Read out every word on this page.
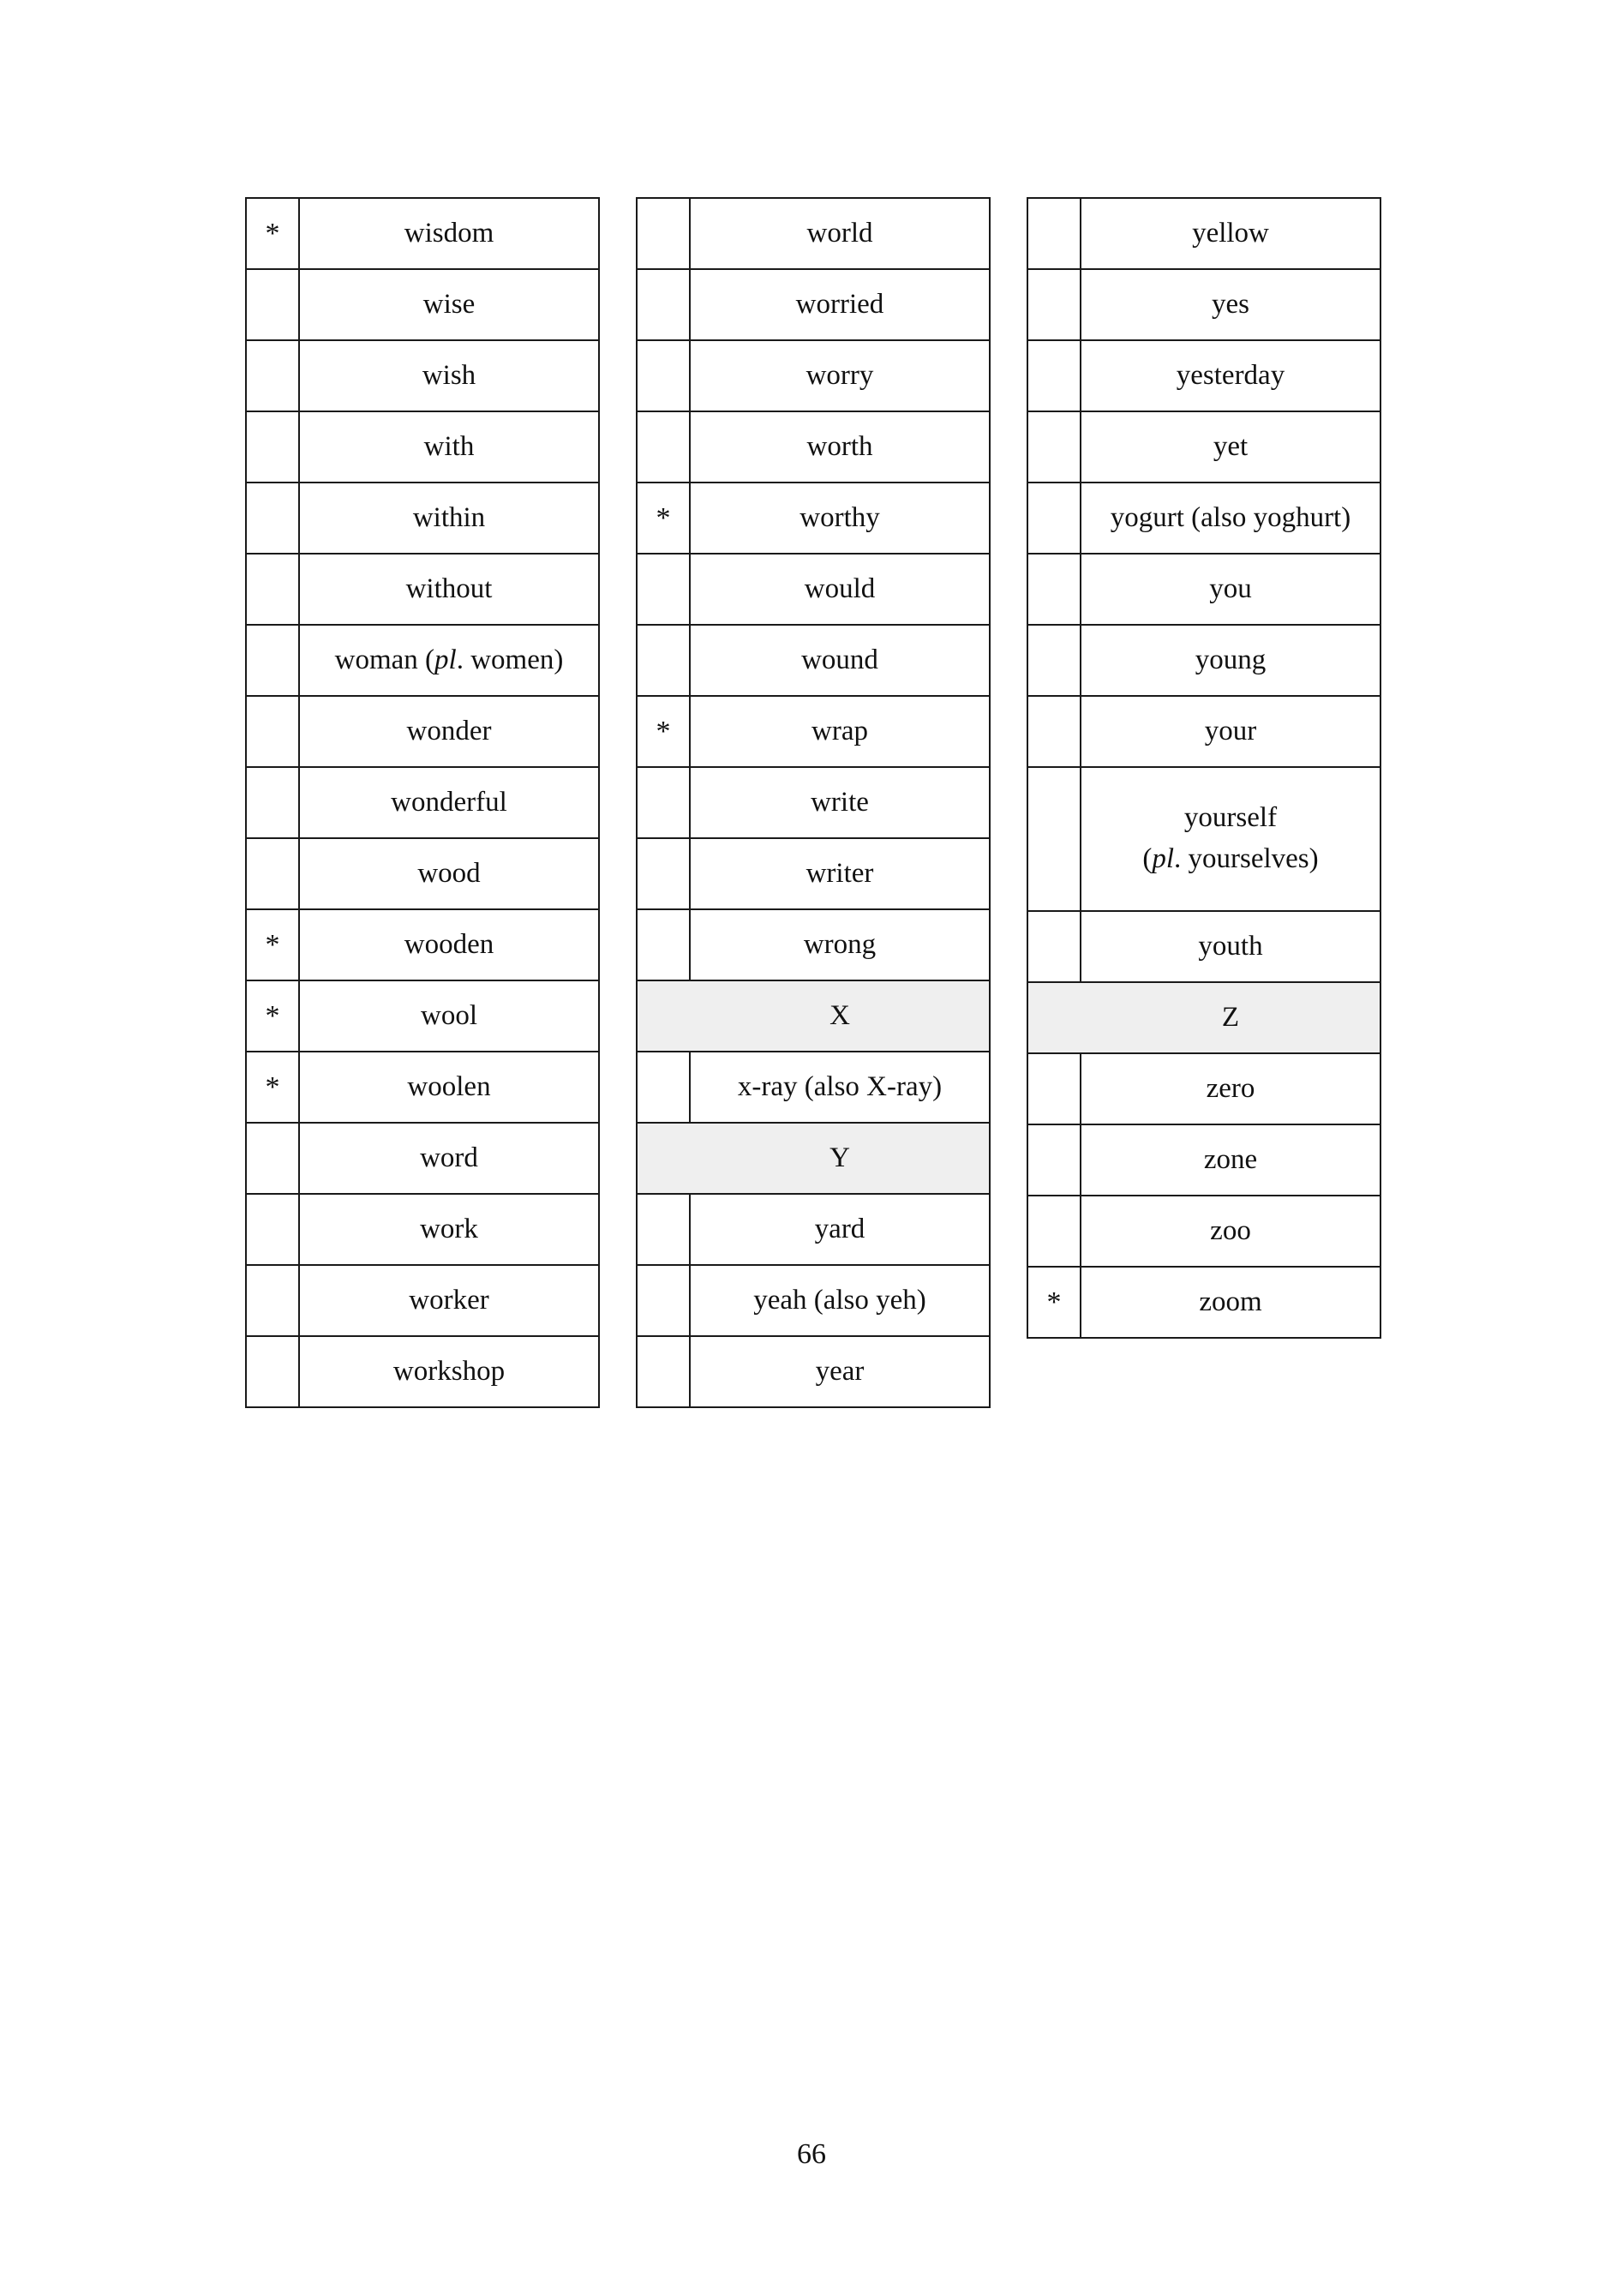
*	wisdom
	wise
	wish
	with
	within
	without
	woman (pl. women)
	wonder
	wonderful
	wood
*	wooden
*	wool
*	woolen
	word
	work
	worker
	workshop
	world
	worried
	worry
	worth
*	worthy
	would
	wound
*	wrap
	write
	writer
	wrong
	X
	x-ray (also X-ray)
	Y
	yard
	yeah (also yeh)
	year
	yellow
	yes
	yesterday
	yet
	yogurt (also yoghurt)
	you
	young
	your
	yourself
(pl. yourselves)
	youth
	Z
	zero
	zone
	zoo
*	zoom
66
